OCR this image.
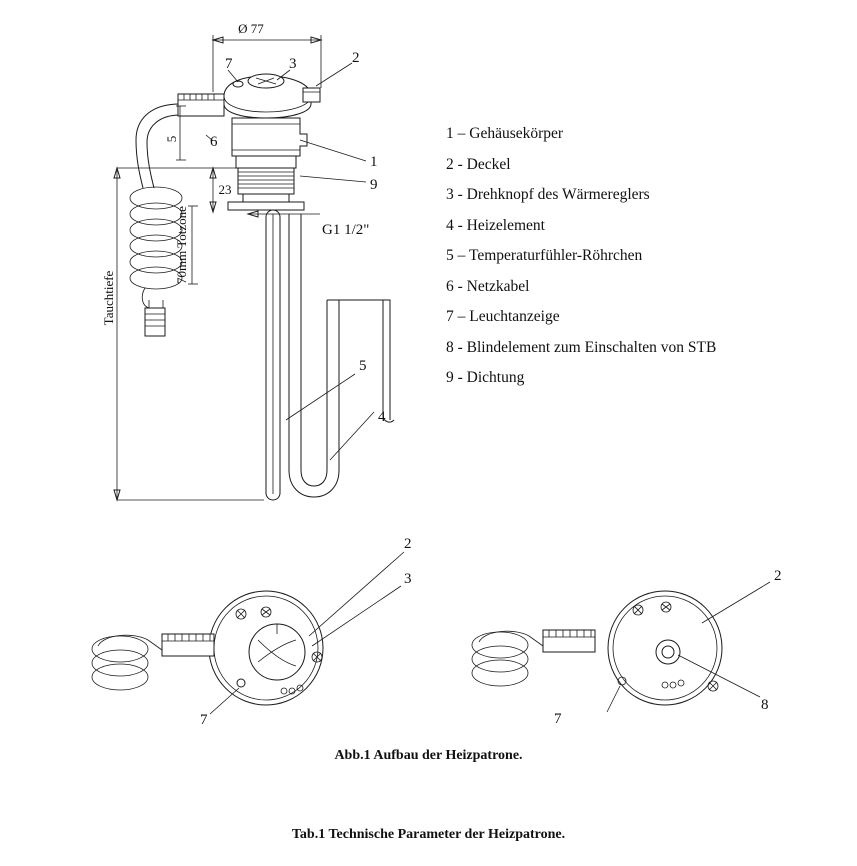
Ø 77
5
23
70mm Totzone
Tauchtiefe
G1 1/2"
7	3	2
6
1
9
5
4
2
3
7
2
7
8
1 – Gehäusekörper
2 - Deckel
3 - Drehknopf des Wärmereglers
4 - Heizelement
5 – Temperaturfühler-Röhrchen
6 - Netzkabel
7 – Leuchtanzeige
8 - Blindelement zum Einschalten von STB
9 - Dichtung
Abb.1 Aufbau der Heizpatrone.
Tab.1 Technische Parameter der Heizpatrone.
